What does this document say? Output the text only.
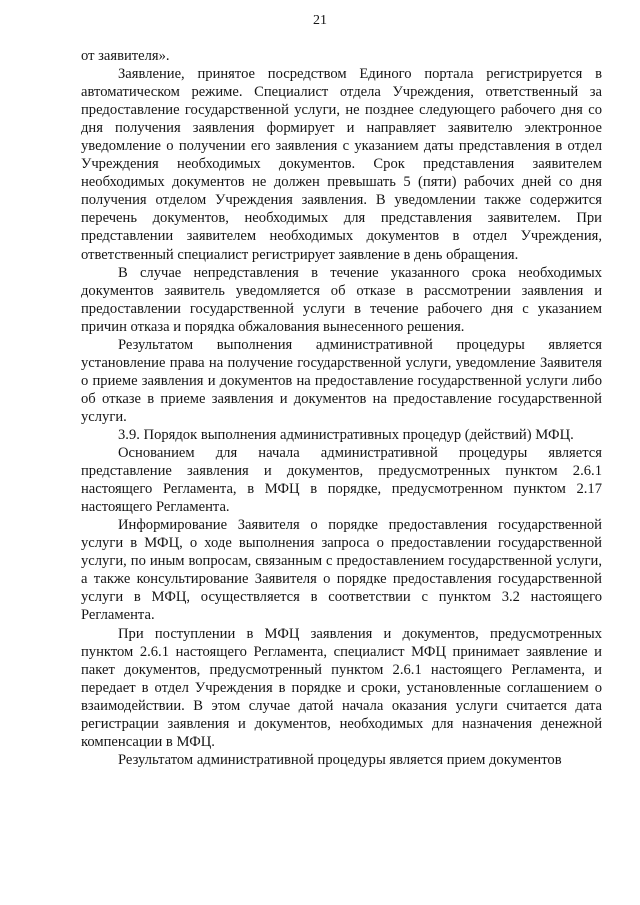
21

от заявителя».

Заявление, принятое посредством Единого портала регистрируется в автоматическом режиме. Специалист отдела Учреждения, ответственный за предоставление государственной услуги, не позднее следующего рабочего дня со дня получения заявления формирует и направляет заявителю электронное уведомление о получении его заявления с указанием даты представления в отдел Учреждения необходимых документов. Срок представления заявителем необходимых документов не должен превышать 5 (пяти) рабочих дней со дня получения отделом Учреждения заявления. В уведомлении также содержится перечень документов, необходимых для представления заявителем. При представлении заявителем необходимых документов в отдел Учреждения, ответственный специалист регистрирует заявление в день обращения.

В случае непредставления в течение указанного срока необходимых документов заявитель уведомляется об отказе в рассмотрении заявления и предоставлении государственной услуги в течение рабочего дня с указанием причин отказа и порядка обжалования вынесенного решения.

Результатом выполнения административной процедуры является установление права на получение государственной услуги, уведомление Заявителя о приеме заявления и документов на предоставление государственной услуги либо об отказе в приеме заявления и документов на предоставление государственной услуги.

3.9. Порядок выполнения административных процедур (действий) МФЦ.

Основанием для начала административной процедуры является представление заявления и документов, предусмотренных пунктом 2.6.1 настоящего Регламента, в МФЦ в порядке, предусмотренном пунктом 2.17 настоящего Регламента.

Информирование Заявителя о порядке предоставления государственной услуги в МФЦ, о ходе выполнения запроса о предоставлении государственной услуги, по иным вопросам, связанным с предоставлением государственной услуги, а также консультирование Заявителя о порядке предоставления государственной услуги в МФЦ, осуществляется в соответствии с пунктом 3.2 настоящего Регламента.

При поступлении в МФЦ заявления и документов, предусмотренных пунктом 2.6.1 настоящего Регламента, специалист МФЦ принимает заявление и пакет документов, предусмотренный пунктом 2.6.1 настоящего Регламента, и передает в отдел Учреждения в порядке и сроки, установленные соглашением о взаимодействии. В этом случае датой начала оказания услуги считается дата регистрации заявления и документов, необходимых для назначения денежной компенсации в МФЦ.

Результатом административной процедуры является прием документов
